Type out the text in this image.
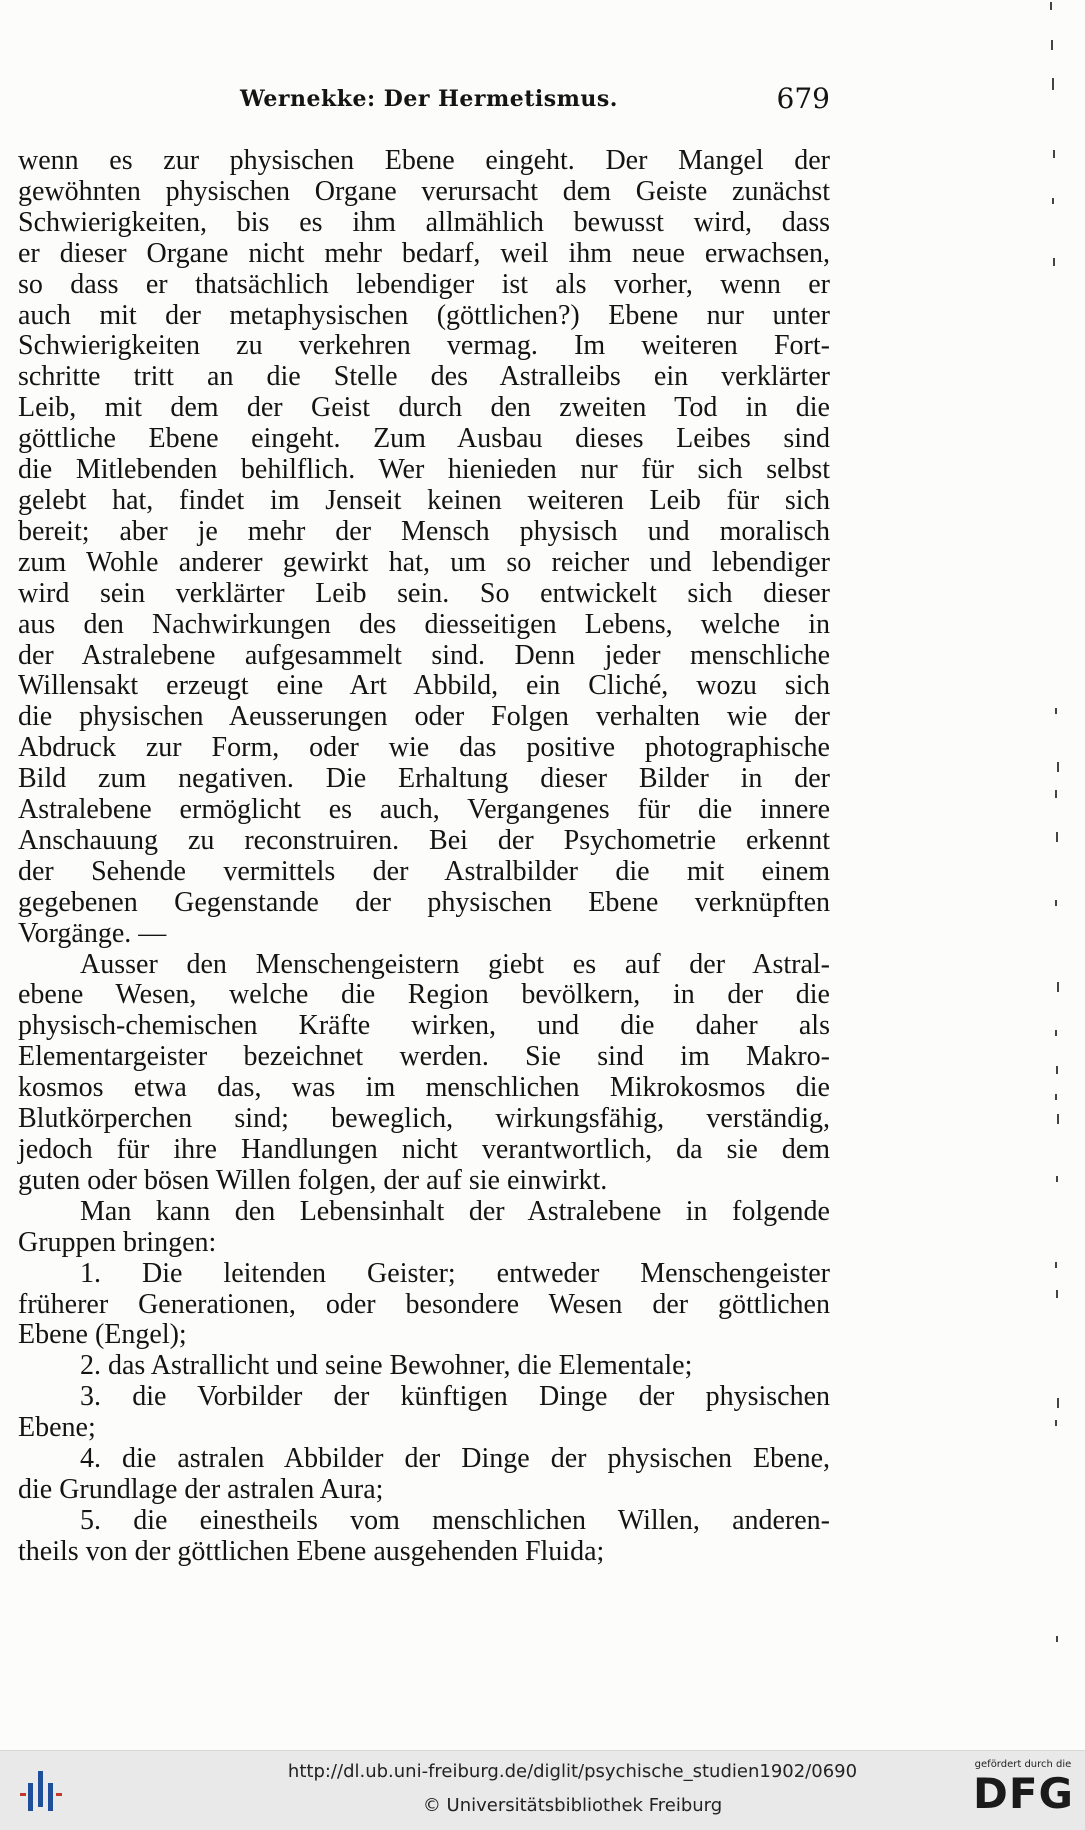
Wernekke: Der Hermetismus.	679
wenn es zur physischen Ebene eingeht. Der Mangel der
gewöhnten physischen Organe verursacht dem Geiste zunächst
Schwierigkeiten, bis es ihm allmählich bewusst wird, dass
er dieser Organe nicht mehr bedarf, weil ihm neue erwachsen,
so dass er thatsächlich lebendiger ist als vorher, wenn er
auch mit der metaphysischen (göttlichen?) Ebene nur unter
Schwierigkeiten zu verkehren vermag. Im weiteren Fort-
schritte tritt an die Stelle des Astralleibs ein verklärter
Leib, mit dem der Geist durch den zweiten Tod in die
göttliche Ebene eingeht. Zum Ausbau dieses Leibes sind
die Mitlebenden behilflich. Wer hienieden nur für sich selbst
gelebt hat, findet im Jenseit keinen weiteren Leib für sich
bereit; aber je mehr der Mensch physisch und moralisch
zum Wohle anderer gewirkt hat, um so reicher und lebendiger
wird sein verklärter Leib sein. So entwickelt sich dieser
aus den Nachwirkungen des diesseitigen Lebens, welche in
der Astralebene aufgesammelt sind. Denn jeder menschliche
Willensakt erzeugt eine Art Abbild, ein Cliché, wozu sich
die physischen Aeusserungen oder Folgen verhalten wie der
Abdruck zur Form, oder wie das positive photographische
Bild zum negativen. Die Erhaltung dieser Bilder in der
Astralebene ermöglicht es auch, Vergangenes für die innere
Anschauung zu reconstruiren. Bei der Psychometrie erkennt
der Sehende vermittels der Astralbilder die mit einem
gegebenen Gegenstande der physischen Ebene verknüpften
Vorgänge. —
Ausser den Menschengeistern giebt es auf der Astral-
ebene Wesen, welche die Region bevölkern, in der die
physisch-chemischen Kräfte wirken, und die daher als
Elementargeister bezeichnet werden. Sie sind im Makro-
kosmos etwa das, was im menschlichen Mikrokosmos die
Blutkörperchen sind; beweglich, wirkungsfähig, verständig,
jedoch für ihre Handlungen nicht verantwortlich, da sie dem
guten oder bösen Willen folgen, der auf sie einwirkt.
Man kann den Lebensinhalt der Astralebene in folgende
Gruppen bringen:
1. Die leitenden Geister; entweder Menschengeister
früherer Generationen, oder besondere Wesen der göttlichen
Ebene (Engel);
2. das Astrallicht und seine Bewohner, die Elementale;
3. die Vorbilder der künftigen Dinge der physischen
Ebene;
4. die astralen Abbilder der Dinge der physischen Ebene,
die Grundlage der astralen Aura;
5. die einestheils vom menschlichen Willen, anderen-
theils von der göttlichen Ebene ausgehenden Fluida;
http://dl.ub.uni-freiburg.de/diglit/psychische_studien1902/0690
© Universitätsbibliothek Freiburg
gefördert durch die
DFG
